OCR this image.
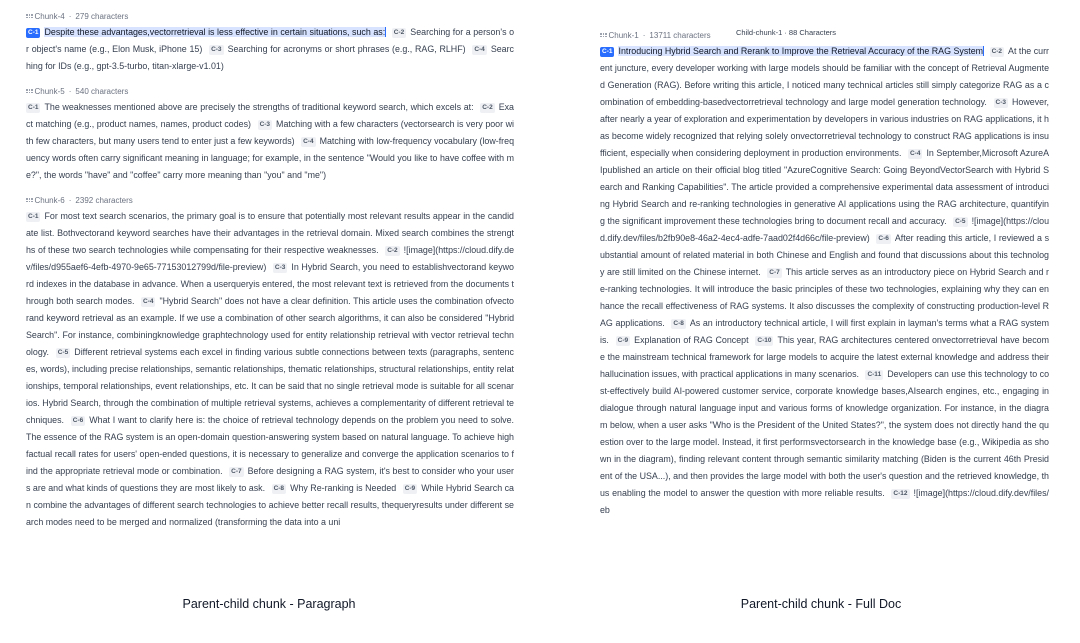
Chunk-4 · 279 characters
C-1 Despite these advantages,vectorretrieval is less effective in certain situations, such as: C-2 Searching for a person's or object's name (e.g., Elon Musk, iPhone 15) C-3 Searching for acronyms or short phrases (e.g., RAG, RLHF) C-4 Searching for IDs (e.g., gpt-3.5-turbo, titan-xlarge-v1.01)
Chunk-5 · 540 characters
C-1 The weaknesses mentioned above are precisely the strengths of traditional keyword search, which excels at: C-2 Exact matching (e.g., product names, names, product codes) C-3 Matching with a few characters (vectorsearch is very poor with few characters, but many users tend to enter just a few keywords) C-4 Matching with low-frequency vocabulary (low-frequency words often carry significant meaning in language; for example, in the sentence "Would you like to have coffee with me?", the words "have" and "coffee" carry more meaning than "you" and "me")
Chunk-6 · 2392 characters
C-1 For most text search scenarios, the primary goal is to ensure that potentially most relevant results appear in the candidate list. Bothvectorand keyword searches have their advantages in the retrieval domain. Mixed search combines the strengths of these two search technologies while compensating for their respective weaknesses. C-2 ![image](https://cloud.dify.dev/files/d955aef6-4efb-4970-9e65-77153012799d/file-preview) C-3 In Hybrid Search, you need to establishvectorand keyword indexes in the database in advance. When a userqueryis entered, the most relevant text is retrieved from the documents through both search modes. C-4 "Hybrid Search" does not have a clear definition. This article uses the combination ofvectorand keyword retrieval as an example. If we use a combination of other search algorithms, it can also be considered "Hybrid Search". For instance, combiningknowledge graphtechnology used for entity relationship retrieval with vector retrieval technology. C-5 Different retrieval systems each excel in finding various subtle connections between texts (paragraphs, sentences, words), including precise relationships, semantic relationships, thematic relationships, structural relationships, entity relationships, temporal relationships, event relationships, etc. It can be said that no single retrieval mode is suitable for all scenarios. Hybrid Search, through the combination of multiple retrieval systems, achieves a complementarity of different retrieval techniques. C-6 What I want to clarify here is: the choice of retrieval technology depends on the problem you need to solve. The essence of the RAG system is an open-domain question-answering system based on natural language. To achieve high factual recall rates for users' open-ended questions, it is necessary to generalize and converge the application scenarios to find the appropriate retrieval mode or combination. C-7 Before designing a RAG system, it's best to consider who your users are and what kinds of questions they are most likely to ask. C-8 Why Re-ranking is Needed C-9 While Hybrid Search can combine the advantages of different search technologies to achieve better recall results, thequeryresults under different search modes need to be merged and normalized (transforming the data into a uni
Chunk-1 · 13711 characters	Child-chunk-1 · 88 Characters
C-1 Introducing Hybrid Search and Rerank to Improve the Retrieval Accuracy of the RAG System C-2 At the current juncture, every developer working with large models should be familiar with the concept of Retrieval Augmented Generation (RAG). Before writing this article, I noticed many technical articles still simply categorize RAG as a combination of embedding-basedvectorretrieval technology and large model generation technology. C-3 However, after nearly a year of exploration and experimentation by developers in various industries on RAG applications, it has become widely recognized that relying solely onvectorretrieval technology to construct RAG applications is insufficient, especially when considering deployment in production environments. C-4 In September,Microsoft AzureAIpublished an article on their official blog titled "AzureCognitive Search: Going BeyondVectorSearch with Hybrid Search and Ranking Capabilities". The article provided a comprehensive experimental data assessment of introducing Hybrid Search and re-ranking technologies in generative AI applications using the RAG architecture, quantifying the significant improvement these technologies bring to document recall and accuracy. C-5 ![image](https://cloud.dify.dev/files/b2fb90e8-46a2-4ec4-adfe-7aad02f4d66c/file-preview) C-6 After reading this article, I reviewed a substantial amount of related material in both Chinese and English and found that discussions about this technology are still limited on the Chinese internet. C-7 This article serves as an introductory piece on Hybrid Search and re-ranking technologies. It will introduce the basic principles of these two technologies, explaining why they can enhance the recall effectiveness of RAG systems. It also discusses the complexity of constructing production-level RAG applications. C-8 As an introductory technical article, I will first explain in layman's terms what a RAG system is. C-9 Explanation of RAG Concept C-10 This year, RAG architectures centered onvectorretrieval have become the mainstream technical framework for large models to acquire the latest external knowledge and address their hallucination issues, with practical applications in many scenarios. C-11 Developers can use this technology to cost-effectively build AI-powered customer service, corporate knowledge bases,AIsearch engines, etc., engaging in dialogue through natural language input and various forms of knowledge organization. For instance, in the diagram below, when a user asks "Who is the President of the United States?", the system does not directly hand the question over to the large model. Instead, it first performsvectorsearch in the knowledge base (e.g., Wikipedia as shown in the diagram), finding relevant content through semantic similarity matching (Biden is the current 46th President of the USA...), and then provides the large model with both the user's question and the retrieved knowledge, thus enabling the model to answer the question with more reliable results. C-12 ![image](https://cloud.dify.dev/files/eb
Parent-child chunk - Paragraph	Parent-child chunk - Full Doc
